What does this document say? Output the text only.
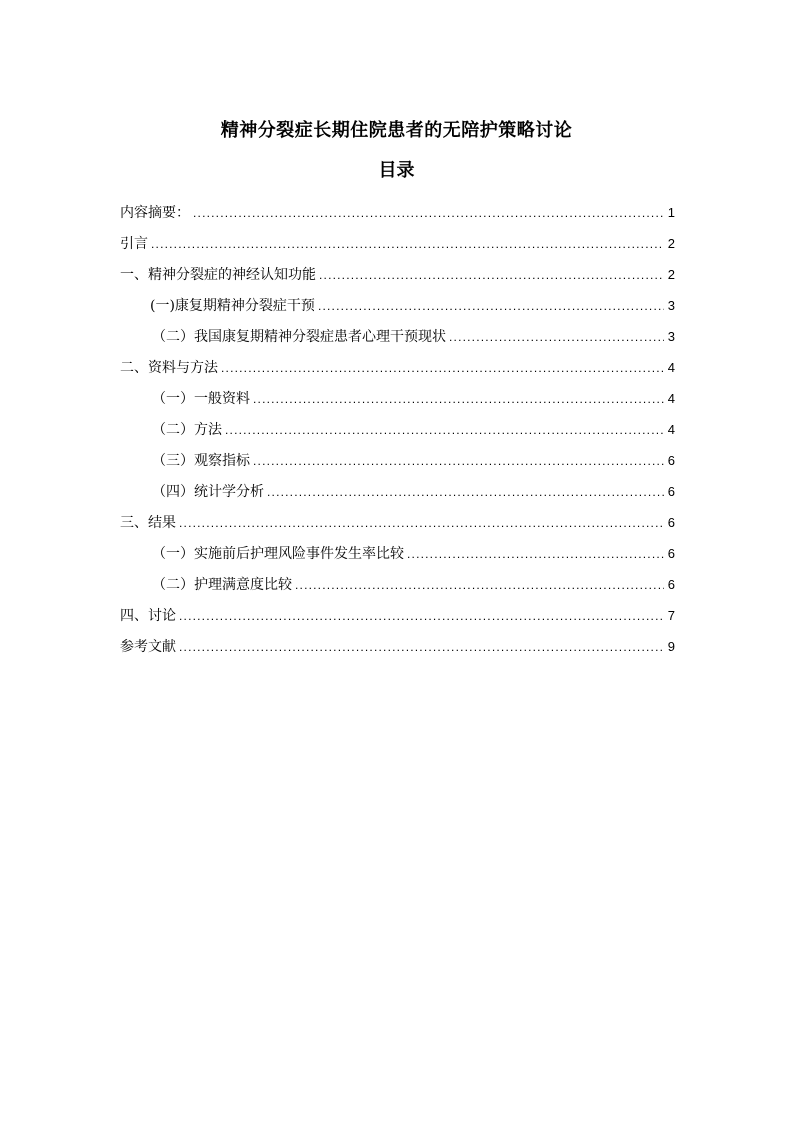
精神分裂症长期住院患者的无陪护策略讨论
目录
内容摘要： .....	1
引言 .....	2
一、精神分裂症的神经认知功能 .....	2
(一)康复期精神分裂症干预 .....	3
（二）我国康复期精神分裂症患者心理干预现状 .....	3
二、资料与方法 .....	4
（一）一般资料 .....	4
（二）方法 .....	4
（三）观察指标 .....	6
（四）统计学分析 .....	6
三、结果 .....	6
（一）实施前后护理风险事件发生率比较 .....	6
（二）护理满意度比较 .....	6
四、讨论 .....	7
参考文献 .....	9
